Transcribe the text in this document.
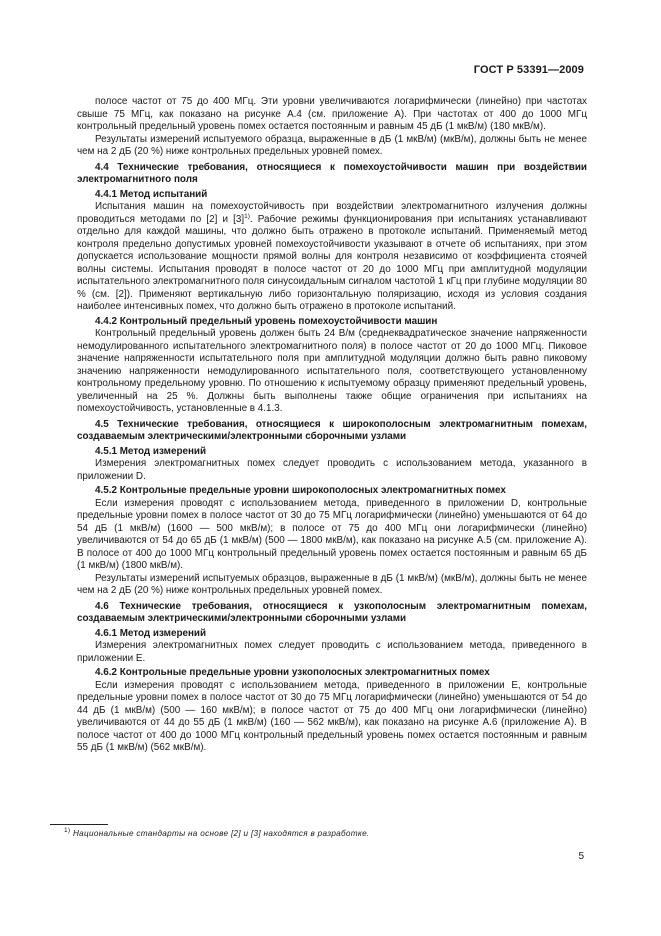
ГОСТ Р 53391—2009

полосе частот от 75 до 400 МГц. Эти уровни увеличиваются логарифмически (линейно) при частотах свыше 75 МГц, как показано на рисунке А.4 (см. приложение А). При частотах от 400 до 1000 МГц контрольный предельный уровень помех остается постоянным и равным 45 дБ (1 мкВ/м) (180 мкВ/м).

Результаты измерений испытуемого образца, выраженные в дБ (1 мкВ/м) (мкВ/м), должны быть не менее чем на 2 дБ (20 %) ниже контрольных предельных уровней помех.

4.4 Технические требования, относящиеся к помехоустойчивости машин при воздействии электромагнитного поля

4.4.1 Метод испытаний

Испытания машин на помехоустойчивость при воздействии электромагнитного излучения должны проводиться методами по [2] и $[3]^{1)}$. Рабочие режимы функционирования при испытаниях устанавливают отдельно для каждой машины, что должно быть отражено в протоколе испытаний. Применяемый метод контроля предельно допустимых уровней помехоустойчивости указывают в отчете об испытаниях, при этом допускается использование мощности прямой волны для контроля независимо от коэффициента стоячей волны системы. Испытания проводят в полосе частот от 20 до 1000 МГц при амплитудной модуляции испытательного электромагнитного поля синусоидальным сигналом частотой 1 кГц при глубине модуляции 80 % (см. [2]). Применяют вертикальную либо горизонтальную поляризацию, исходя из условия создания наиболее интенсивных помех, что должно быть отражено в протоколе испытаний.

4.4.2 Контрольный предельный уровень помехоустойчивости машин

Контрольный предельный уровень должен быть 24 В/м (среднеквадратическое значение напряженности немодулированного испытательного электромагнитного поля) в полосе частот от 20 до 1000 МГц. Пиковое значение напряженности испытательного поля при амплитудной модуляции должно быть равно пиковому значению напряженности немодулированного испытательного поля, соответствующего установленному контрольному предельному уровню. По отношению к испытуемому образцу применяют предельный уровень, увеличенный на 25 %. Должны быть выполнены также общие ограничения при испытаниях на помехоустойчивость, установленные в 4.1.3.

4.5 Технические требования, относящиеся к широкополосным электромагнитным помехам, создаваемым электрическими/электронными сборочными узлами

4.5.1 Метод измерений

Измерения электромагнитных помех следует проводить с использованием метода, указанного в приложении D.

4.5.2 Контрольные предельные уровни широкополосных электромагнитных помех

Если измерения проводят с использованием метода, приведенного в приложении D, контрольные предельные уровни помех в полосе частот от 30 до 75 МГц логарифмически (линейно) уменьшаются от 64 до 54 дБ (1 мкВ/м) (1600 — 500 мкВ/м); в полосе от 75 до 400 МГц они логарифмически (линейно) увеличиваются от 54 до 65 дБ (1 мкВ/м) (500 — 1800 мкВ/м), как показано на рисунке А.5 (см. приложение А). В полосе от 400 до 1000 МГц контрольный предельный уровень помех остается постоянным и равным 65 дБ (1 мкВ/м) (1800 мкВ/м).

Результаты измерений испытуемых образцов, выраженные в дБ (1 мкВ/м) (мкВ/м), должны быть не менее чем на 2 дБ (20 %) ниже контрольных предельных уровней помех.

4.6 Технические требования, относящиеся к узкополосным электромагнитным помехам, создаваемым электрическими/электронными сборочными узлами

4.6.1 Метод измерений

Измерения электромагнитных помех следует проводить с использованием метода, приведенного в приложении Е.

4.6.2 Контрольные предельные уровни узкополосных электромагнитных помех

Если измерения проводят с использованием метода, приведенного в приложении Е, контрольные предельные уровни помех в полосе частот от 30 до 75 МГц логарифмически (линейно) уменьшаются от 54 до 44 дБ (1 мкВ/м) (500 — 160 мкВ/м); в полосе частот от 75 до 400 МГц они логарифмически (линейно) увеличиваются от 44 до 55 дБ (1 мкВ/м) (160 — 562 мкВ/м), как показано на рисунке А.6 (приложение А). В полосе частот от 400 до 1000 МГц контрольный предельный уровень помех остается постоянным и равным 55 дБ (1 мкВ/м) (562 мкВ/м).

$^{1)}$ Национальные стандарты на основе [2] и [3] находятся в разработке.
5
